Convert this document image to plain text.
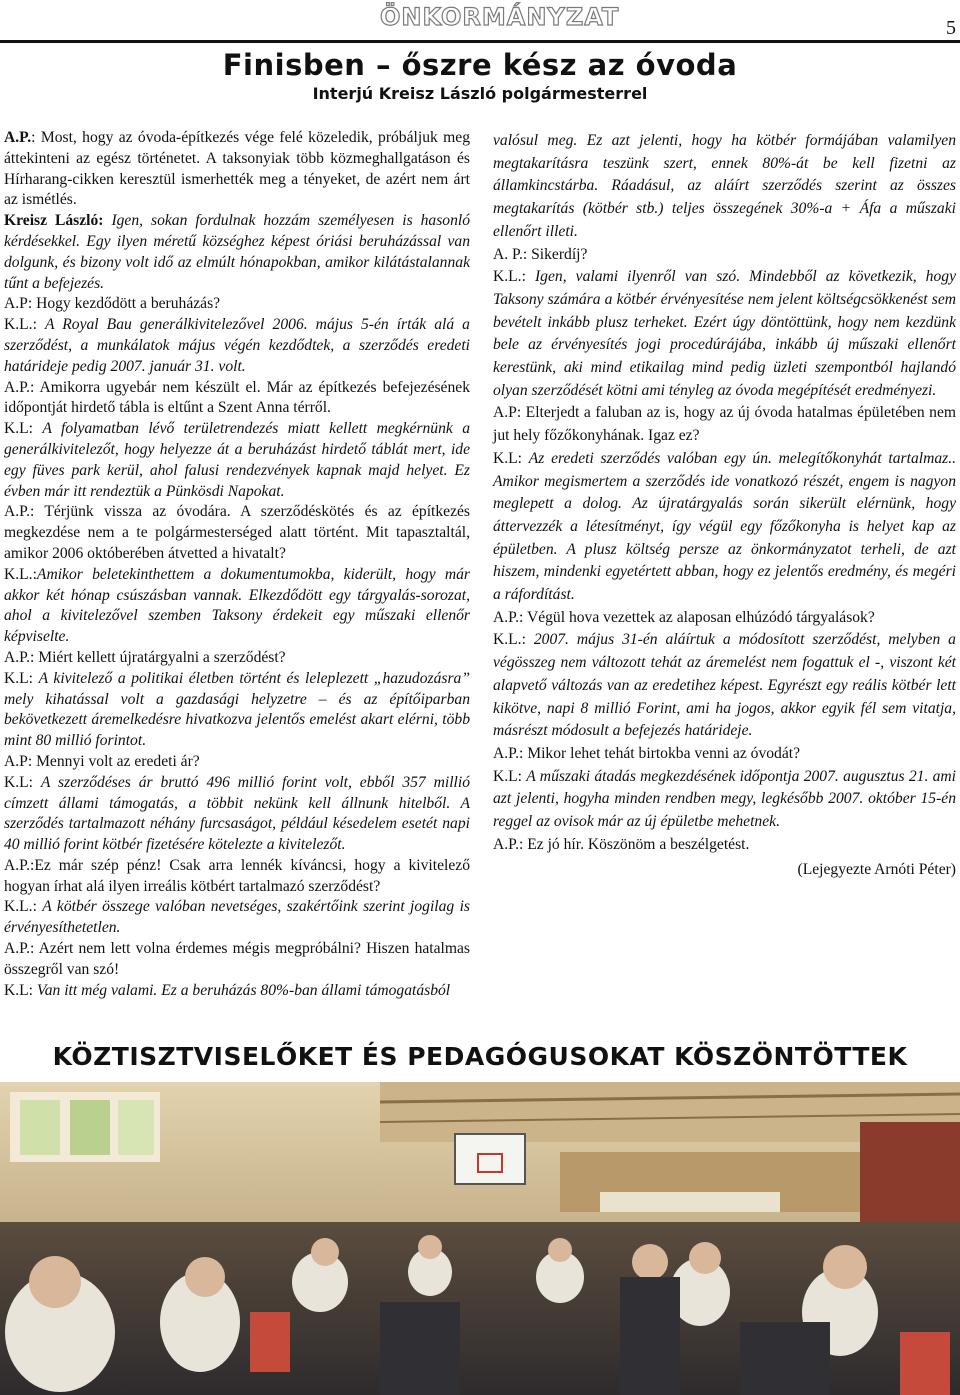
ÖNKORMÁNYZAT	5
Finisben – őszre kész az óvoda
Interjú Kreisz László polgármesterrel

A.P.: Most, hogy az óvoda-építkezés vége felé közeledik, próbáljuk meg áttekinteni az egész történetet. A taksonyiak több közmeghallgatáson és Hírharang-cikken keresztül ismerhették meg a tényeket, de azért nem árt az ismétlés.

Kreisz László: Igen, sokan fordulnak hozzám személyesen is hasonló kérdésekkel. Egy ilyen méretű községhez képest óriási beruházással van dolgunk, és bizony volt idő az elmúlt hónapokban, amikor kilátástalannak tűnt a befejezés.

A.P: Hogy kezdődött a beruházás?

K.L.: A Royal Bau generálkivitelezővel 2006. május 5-én írták alá a szerződést, a munkálatok május végén kezdődtek, a szerződés eredeti határideje pedig 2007. január 31. volt.

A.P.: Amikorra ugyebár nem készült el. Már az építkezés befejezésének időpontját hirdető tábla is eltűnt a Szent Anna térről.

K.L: A folyamatban lévő területrendezés miatt kellett megkérnünk a generálkivitelezőt, hogy helyezze át a beruházást hirdető táblát mert, ide egy füves park kerül, ahol falusi rendezvények kapnak majd helyet. Ez évben már itt rendeztük a Pünkösdi Napokat.

A.P.: Térjünk vissza az óvodára. A szerződéskötés és az építkezés megkezdése nem a te polgármesterséged alatt történt. Mit tapasztaltál, amikor 2006 októberében átvetted a hivatalt?

K.L.:Amikor beletekinthettem a dokumentumokba, kiderült, hogy már akkor két hónap csúszásban vannak. Elkezdődött egy tárgyalás-sorozat, ahol a kivitelezővel szemben Taksony érdekeit egy műszaki ellenőr képviselte.

A.P.: Miért kellett újratárgyalni a szerződést?

K.L: A kivitelező a politikai életben történt és leleplezett „hazudozásra” mely kihatással volt a gazdasági helyzetre – és az építőiparban bekövetkezett áremelkedésre hivatkozva jelentős emelést akart elérni, több mint 80 millió forintot.

A.P: Mennyi volt az eredeti ár?

K.L: A szerződéses ár bruttó 496 millió forint volt, ebből 357 millió címzett állami támogatás, a többit nekünk kell állnunk hitelből. A szerződés tartalmazott néhány furcsaságot, például késedelem esetét napi 40 millió forint kötbér fizetésére kötelezte a kivitelezőt.

A.P.:Ez már szép pénz! Csak arra lennék kíváncsi, hogy a kivitelező hogyan írhat alá ilyen irreális kötbért tartalmazó szerződést?

K.L.: A kötbér összege valóban nevetséges, szakértőink szerint jogilag is érvényesíthetetlen.

A.P.: Azért nem lett volna érdemes mégis megpróbálni? Hiszen hatalmas összegről van szó!

K.L: Van itt még valami. Ez a beruházás 80%-ban állami támogatásból

valósul meg. Ez azt jelenti, hogy ha kötbér formájában valamilyen megtakarításra teszünk szert, ennek 80%-át be kell fizetni az államkincstárba. Ráadásul, az aláírt szerződés szerint az összes megtakarítás (kötbér stb.) teljes összegének 30%-a + Áfa a műszaki ellenőrt illeti.

A. P.: Sikerdíj?

K.L.: Igen, valami ilyenről van szó. Mindebből az következik, hogy Taksony számára a kötbér érvényesítése nem jelent költségcsökkenést sem bevételt inkább plusz terheket. Ezért úgy döntöttünk, hogy nem kezdünk bele az érvényesítés jogi procedúrájába, inkább új műszaki ellenőrt kerestünk, aki mind etikailag mind pedig üzleti szempontból hajlandó olyan szerződését kötni ami tényleg az óvoda megépítését eredményezi.

A.P: Elterjedt a faluban az is, hogy az új óvoda hatalmas épületében nem jut hely főzőkonyhának. Igaz ez?

K.L: Az eredeti szerződés valóban egy ún. melegítőkonyhát tartalmaz.. Amikor megismertem a szerződés ide vonatkozó részét, engem is nagyon meglepett a dolog. Az újratárgyalás során sikerült elérnünk, hogy áttervezzék a létesítményt, így végül egy főzőkonyha is helyet kap az épületben. A plusz költség persze az önkormányzatot terheli, de azt hiszem, mindenki egyetértett abban, hogy ez jelentős eredmény, és megéri a ráfordítást.

A.P.: Végül hova vezettek az alaposan elhúzódó tárgyalások?

K.L.: 2007. május 31-én aláírtuk a módosított szerződést, melyben a végösszeg nem változott tehát az áremelést nem fogattuk el -, viszont két alapvető változás van az eredetihez képest. Egyrészt egy reális kötbér lett kikötve, napi 8 millió Forint, ami ha jogos, akkor egyik fél sem vitatja, másrészt módosult a befejezés határideje.

A.P.: Mikor lehet tehát birtokba venni az óvodát?

K.L: A műszaki átadás megkezdésének időpontja 2007. augusztus 21. ami azt jelenti, hogyha minden rendben megy, legkésőbb 2007. október 15-én reggel az ovisok már az új épületbe mehetnek.

A.P.: Ez jó hír. Köszönöm a beszélgetést.

(Lejegyezte Arnóti Péter)

KÖZTISZTVISELŐKET ÉS PEDAGÓGUSOKAT KÖSZÖNTÖTTEK
